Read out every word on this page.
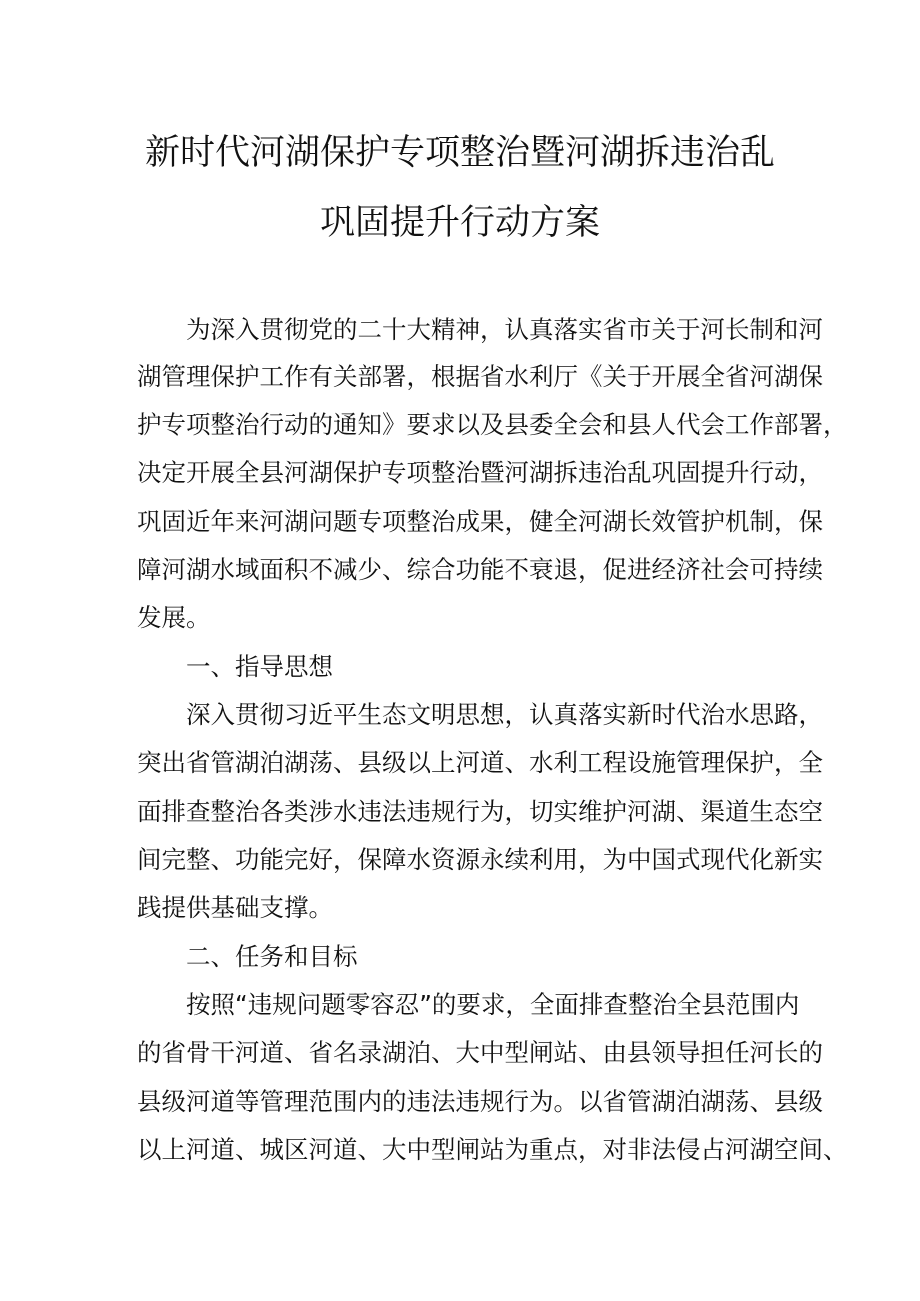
新时代河湖保护专项整治暨河湖拆违治乱
巩固提升行动方案
为深入贯彻党的二十大精神，认真落实省市关于河长制和河
湖管理保护工作有关部署，根据省水利厅《关于开展全省河湖保
护专项整治行动的通知》要求以及县委全会和县人代会工作部署，
决定开展全县河湖保护专项整治暨河湖拆违治乱巩固提升行动，
巩固近年来河湖问题专项整治成果，健全河湖长效管护机制，保
障河湖水域面积不减少、综合功能不衰退，促进经济社会可持续
发展。
一、指导思想
深入贯彻习近平生态文明思想，认真落实新时代治水思路，
突出省管湖泊湖荡、县级以上河道、水利工程设施管理保护，全
面排查整治各类涉水违法违规行为，切实维护河湖、渠道生态空
间完整、功能完好，保障水资源永续利用，为中国式现代化新实
践提供基础支撑。
二、任务和目标
按照“违规问题零容忍”的要求，全面排查整治全县范围内
的省骨干河道、省名录湖泊、大中型闸站、由县领导担任河长的
县级河道等管理范围内的违法违规行为。以省管湖泊湖荡、县级
以上河道、城区河道、大中型闸站为重点，对非法侵占河湖空间、
